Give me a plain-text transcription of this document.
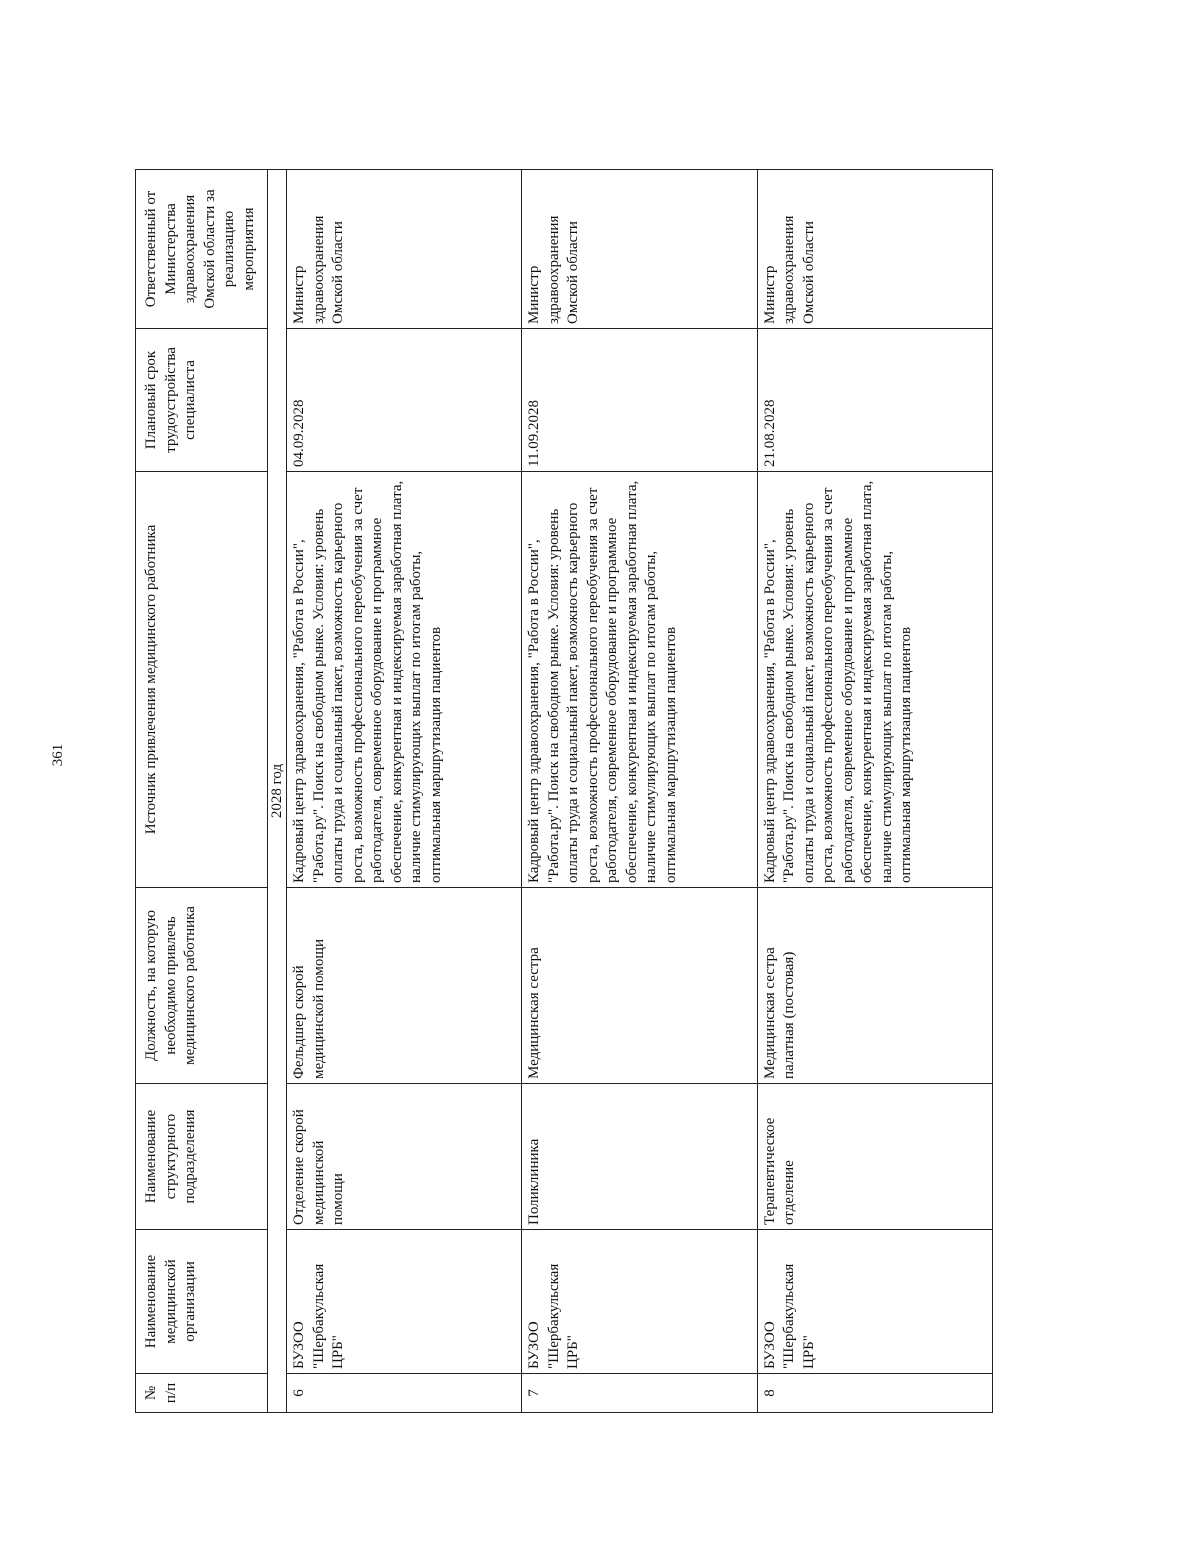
361
№ п/п	Наименование медицинской организации	Наименование структурного подразделения	Должность, на которую необходимо привлечь медицинского работника	Источник привлечения медицинского работника	Плановый срок трудоустройства специалиста	Ответственный от Министерства здравоохранения Омской области за реализацию мероприятия
2028 год						
6	БУЗОО "Шербакульская ЦРБ"	Отделение скорой медицинской помощи	Фельдшер скорой медицинской помощи	Кадровый центр здравоохранения, "Работа в России", "Работа.ру". Поиск на свободном рынке. Условия: уровень оплаты труда и социальный пакет, возможность карьерного роста, возможность профессионального переобучения за счет работодателя, современное оборудование и программное обеспечение, конкурентная и индексируемая заработная плата, наличие стимулирующих выплат по итогам работы, оптимальная маршрутизация пациентов	04.09.2028	Министр здравоохранения Омской области
7	БУЗОО "Шербакульская ЦРБ"	Поликлиника	Медицинская сестра	Кадровый центр здравоохранения, "Работа в России", "Работа.ру". Поиск на свободном рынке. Условия: уровень оплаты труда и социальный пакет, возможность карьерного роста, возможность профессионального переобучения за счет работодателя, современное оборудование и программное обеспечение, конкурентная и индексируемая заработная плата, наличие стимулирующих выплат по итогам работы, оптимальная маршрутизация пациентов	11.09.2028	Министр здравоохранения Омской области
8	БУЗОО "Шербакульская ЦРБ"	Терапевтическое отделение	Медицинская сестра палатная (постовая)	Кадровый центр здравоохранения, "Работа в России", "Работа.ру". Поиск на свободном рынке. Условия: уровень оплаты труда и социальный пакет, возможность карьерного роста, возможность профессионального переобучения за счет работодателя, современное оборудование и программное обеспечение, конкурентная и индексируемая заработная плата, наличие стимулирующих выплат по итогам работы, оптимальная маршрутизация пациентов	21.08.2028	Министр здравоохранения Омской области
